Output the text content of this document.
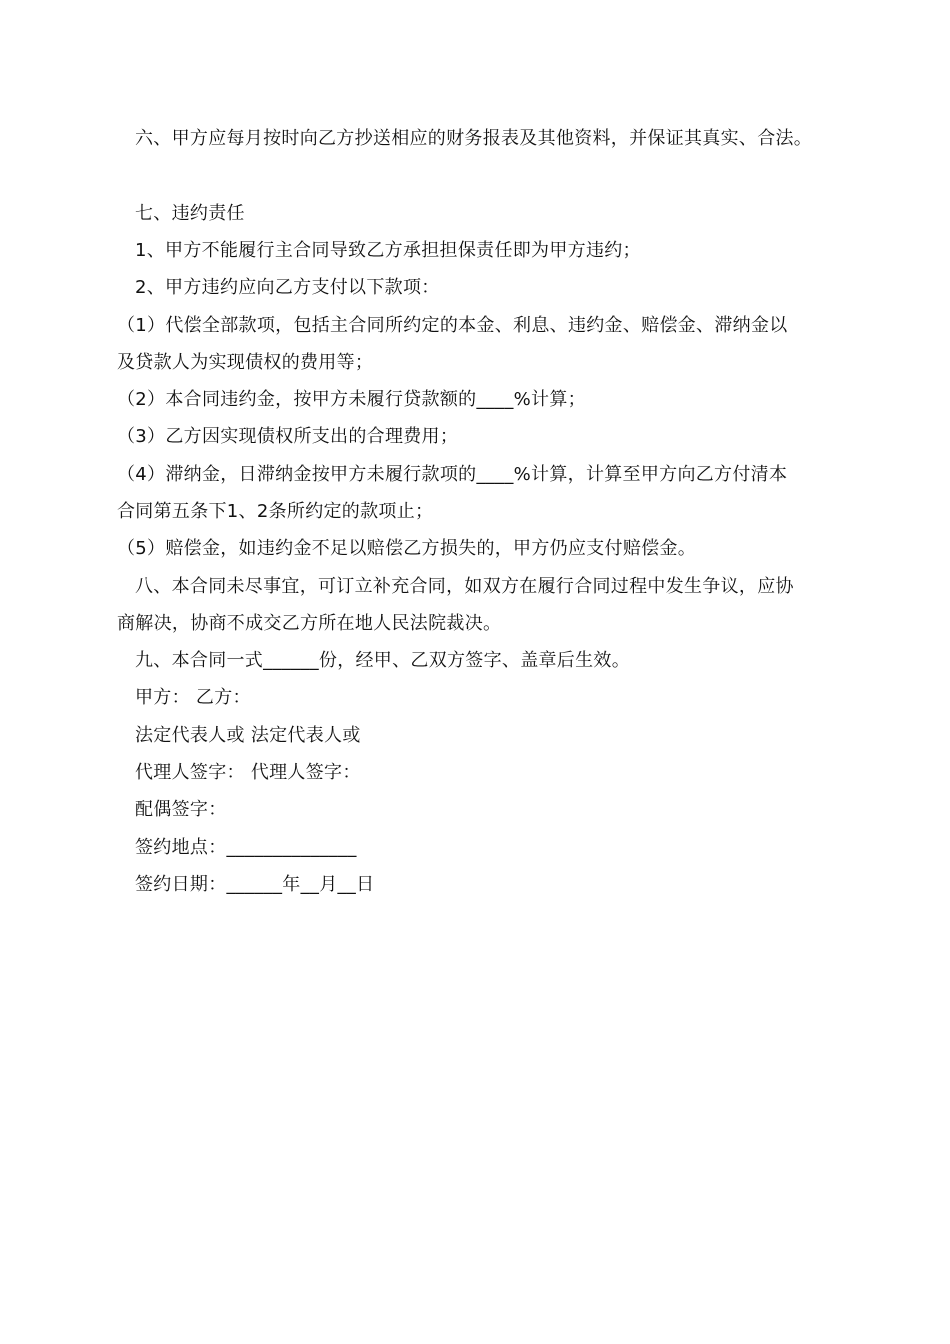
六、甲方应每月按时向乙方抄送相应的财务报表及其他资料，并保证其真实、合法。
七、违约责任
1、甲方不能履行主合同导致乙方承担担保责任即为甲方违约；
2、甲方违约应向乙方支付以下款项：
（1）代偿全部款项，包括主合同所约定的本金、利息、违约金、赔偿金、滞纳金以
及贷款人为实现债权的费用等；
（2）本合同违约金，按甲方未履行贷款额的____%计算；
（3）乙方因实现债权所支出的合理费用；
（4）滞纳金，日滞纳金按甲方未履行款项的____%计算，计算至甲方向乙方付清本
合同第五条下1、2条所约定的款项止；
（5）赔偿金，如违约金不足以赔偿乙方损失的，甲方仍应支付赔偿金。
八、本合同未尽事宜，可订立补充合同，如双方在履行合同过程中发生争议，应协
商解决，协商不成交乙方所在地人民法院裁决。
九、本合同一式______份，经甲、乙双方签字、盖章后生效。
甲方： 乙方：
法定代表人或 法定代表人或
代理人签字： 代理人签字：
配偶签字：
签约地点：______________
签约日期：______年__月__日
